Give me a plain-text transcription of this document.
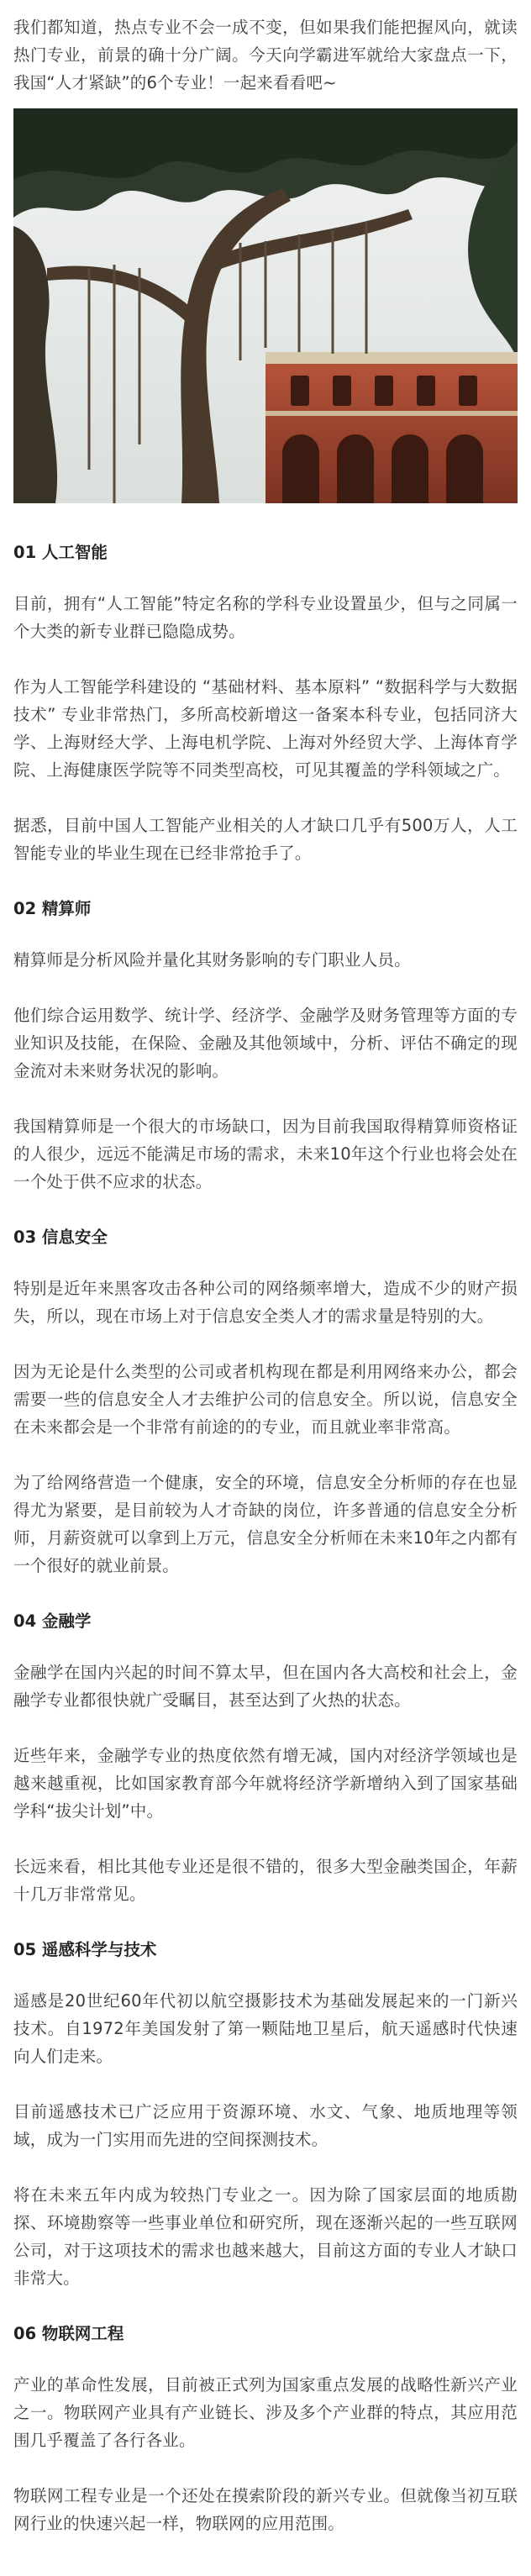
我们都知道，热点专业不会一成不变，但如果我们能把握风向，就读热门专业，前景的确十分广阔。今天向学霸进军就给大家盘点一下，我国“人才紧缺”的6个专业！一起来看看吧~
01 人工智能
目前，拥有“人工智能”特定名称的学科专业设置虽少，但与之同属一个大类的新专业群已隐隐成势。
作为人工智能学科建设的 “基础材料、基本原料” “数据科学与大数据技术” 专业非常热门，多所高校新增这一备案本科专业，包括同济大学、上海财经大学、上海电机学院、上海对外经贸大学、上海体育学院、上海健康医学院等不同类型高校，可见其覆盖的学科领域之广。
据悉，目前中国人工智能产业相关的人才缺口几乎有500万人，人工智能专业的毕业生现在已经非常抢手了。
02 精算师
精算师是分析风险并量化其财务影响的专门职业人员。
他们综合运用数学、统计学、经济学、金融学及财务管理等方面的专业知识及技能，在保险、金融及其他领域中，分析、评估不确定的现金流对未来财务状况的影响。
我国精算师是一个很大的市场缺口，因为目前我国取得精算师资格证的人很少，远远不能满足市场的需求，未来10年这个行业也将会处在一个处于供不应求的状态。
03 信息安全
特别是近年来黑客攻击各种公司的网络频率增大，造成不少的财产损失，所以，现在市场上对于信息安全类人才的需求量是特别的大。
因为无论是什么类型的公司或者机构现在都是利用网络来办公，都会需要一些的信息安全人才去维护公司的信息安全。所以说，信息安全在未来都会是一个非常有前途的的专业，而且就业率非常高。
为了给网络营造一个健康，安全的环境，信息安全分析师的存在也显得尤为紧要，是目前较为人才奇缺的岗位，许多普通的信息安全分析师，月薪资就可以拿到上万元，信息安全分析师在未来10年之内都有一个很好的就业前景。
04 金融学
金融学在国内兴起的时间不算太早，但在国内各大高校和社会上，金融学专业都很快就广受瞩目，甚至达到了火热的状态。
近些年来，金融学专业的热度依然有增无减，国内对经济学领域也是越来越重视，比如国家教育部今年就将经济学新增纳入到了国家基础学科“拔尖计划”中。
长远来看，相比其他专业还是很不错的，很多大型金融类国企，年薪十几万非常常见。
05 遥感科学与技术
遥感是20世纪60年代初以航空摄影技术为基础发展起来的一门新兴技术。自1972年美国发射了第一颗陆地卫星后，航天遥感时代快速向人们走来。
目前遥感技术已广泛应用于资源环境、水文、气象、地质地理等领域，成为一门实用而先进的空间探测技术。
将在未来五年内成为较热门专业之一。因为除了国家层面的地质勘探、环境勘察等一些事业单位和研究所，现在逐渐兴起的一些互联网公司，对于这项技术的需求也越来越大，目前这方面的专业人才缺口非常大。
06 物联网工程
产业的革命性发展，目前被正式列为国家重点发展的战略性新兴产业之一。物联网产业具有产业链长、涉及多个产业群的特点，其应用范围几乎覆盖了各行各业。
物联网工程专业是一个还处在摸索阶段的新兴专业。但就像当初互联网行业的快速兴起一样，物联网的应用范围。
